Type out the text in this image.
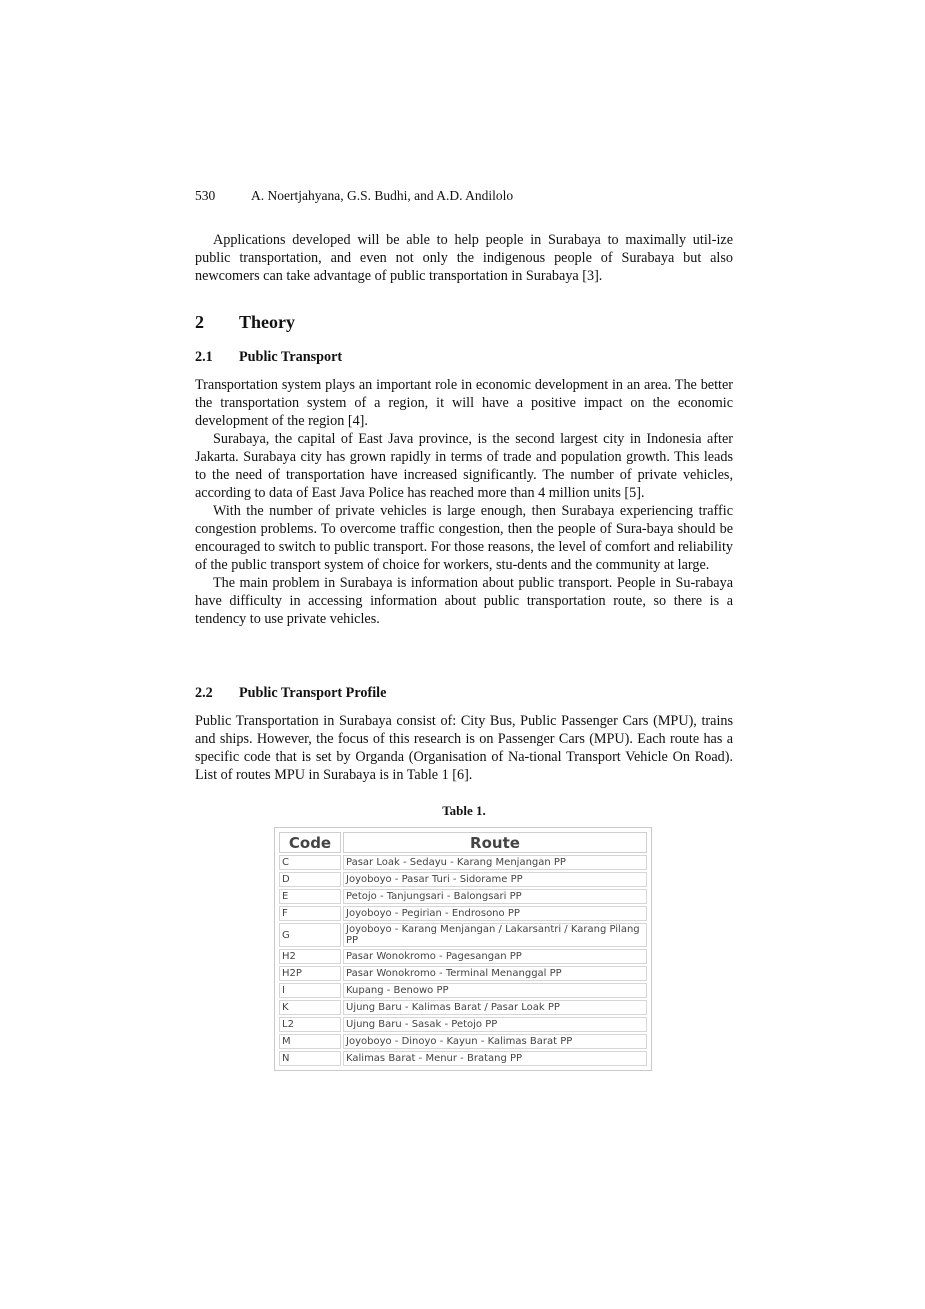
530	A. Noertjahyana, G.S. Budhi, and A.D. Andilolo

Applications developed will be able to help people in Surabaya to maximally util-ize public transportation, and even not only the indigenous people of Surabaya but also newcomers can take advantage of public transportation in Surabaya [3].

2 Theory
2.1 Public Transport

Transportation system plays an important role in economic development in an area. The better the transportation system of a region, it will have a positive impact on the economic development of the region [4].

Surabaya, the capital of East Java province, is the second largest city in Indonesia after Jakarta. Surabaya city has grown rapidly in terms of trade and population growth. This leads to the need of transportation have increased significantly. The number of private vehicles, according to data of East Java Police has reached more than 4 million units [5].

With the number of private vehicles is large enough, then Surabaya experiencing traffic congestion problems. To overcome traffic congestion, then the people of Sura-baya should be encouraged to switch to public transport. For those reasons, the level of comfort and reliability of the public transport system of choice for workers, stu-dents and the community at large.

The main problem in Surabaya is information about public transport. People in Su-rabaya have difficulty in accessing information about public transportation route, so there is a tendency to use private vehicles.

2.2 Public Transport Profile

Public Transportation in Surabaya consist of: City Bus, Public Passenger Cars (MPU), trains and ships. However, the focus of this research is on Passenger Cars (MPU). Each route has a specific code that is set by Organda (Organisation of Na-tional Transport Vehicle On Road). List of routes MPU in Surabaya is in Table 1 [6].

Table 1.
Code	Route
C	Pasar Loak - Sedayu - Karang Menjangan PP
D	Joyoboyo - Pasar Turi - Sidorame PP
E	Petojo - Tanjungsari - Balongsari PP
F	Joyoboyo - Pegirian - Endrosono PP
G	Joyoboyo - Karang Menjangan / Lakarsantri / Karang Pilang PP
H2	Pasar Wonokromo - Pagesangan PP
H2P	Pasar Wonokromo - Terminal Menanggal PP
I	Kupang - Benowo PP
K	Ujung Baru - Kalimas Barat / Pasar Loak PP
L2	Ujung Baru - Sasak - Petojo PP
M	Joyoboyo - Dinoyo - Kayun - Kalimas Barat PP
N	Kalimas Barat - Menur - Bratang PP
